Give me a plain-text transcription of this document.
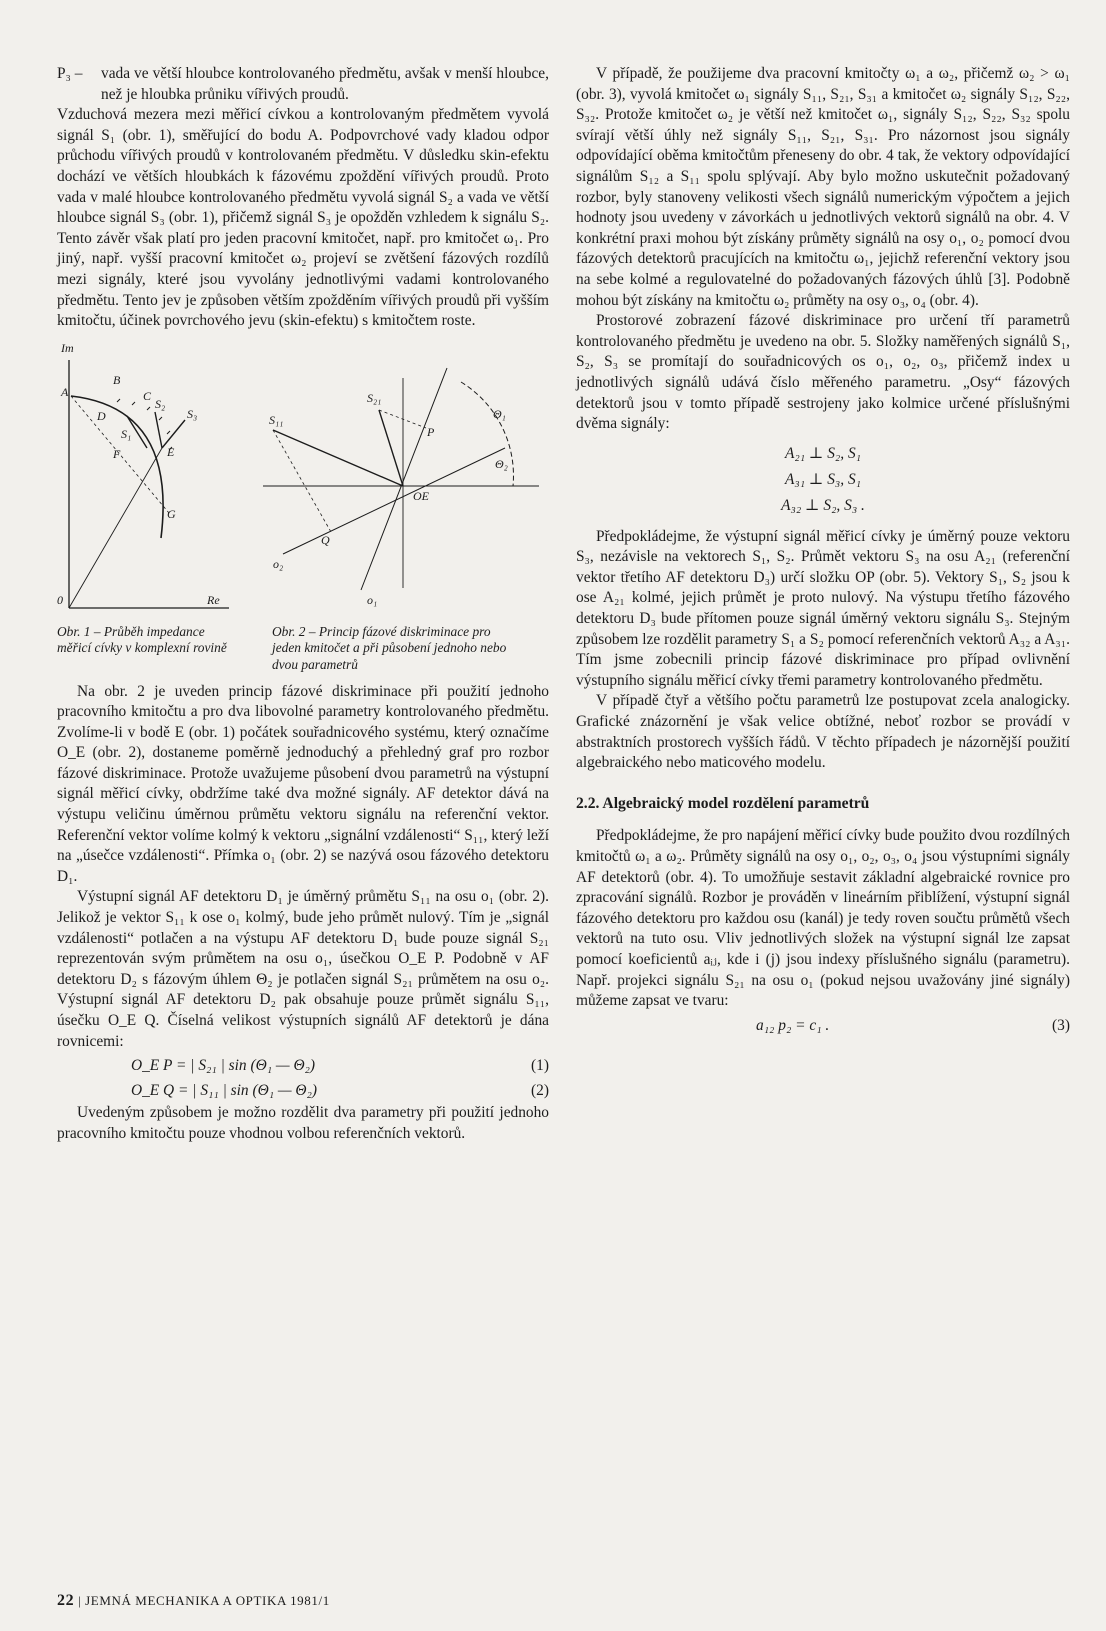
P₃ – vada ve větší hloubce kontrolovaného předmětu, avšak v menší hloubce, než je hloubka průniku vířivých proudů.

Vzduchová mezera mezi měřicí cívkou a kontrolovaným předmětem vyvolá signál S₁ (obr. 1), směřující do bodu A. Podpovrchové vady kladou odpor průchodu vířivých proudů v kontrolovaném předmětu. V důsledku skin-efektu dochází ve větších hloubkách k fázovému zpoždění vířivých proudů. Proto vada v malé hloubce kontrolovaného předmětu vyvolá signál S₂ a vada ve větší hloubce signál S₃ (obr. 1), přičemž signál S₃ je opožděn vzhledem k signálu S₂. Tento závěr však platí pro jeden pracovní kmitočet, např. pro kmitočet ω₁. Pro jiný, např. vyšší pracovní kmitočet ω₂ projeví se zvětšení fázových rozdílů mezi signály, které jsou vyvolány jednotlivými vadami kontrolovaného předmětu. Tento jev je způsoben větším zpožděním vířivých proudů při vyšším kmitočtu, účinek povrchového jevu (skin-efektu) s kmitočtem roste.

Im
Re
0
A
B
C
D
E
F
G
S₁
S₂
S₃	S₁₁
S₂₁
P
Q
OE
o₁
o₂
Θ₁
Θ₂
Obr. 1 – Průběh impedance měřicí cívky v komplexní rovině
Obr. 2 – Princip fázové diskriminace pro jeden kmitočet a při působení jednoho nebo dvou parametrů

Na obr. 2 je uveden princip fázové diskriminace při použití jednoho pracovního kmitočtu a pro dva libovolné parametry kontrolovaného předmětu. Zvolíme-li v bodě E (obr. 1) počátek souřadnicového systému, který označíme O_E (obr. 2), dostaneme poměrně jednoduchý a přehledný graf pro rozbor fázové diskriminace. Protože uvažujeme působení dvou parametrů na výstupní signál měřicí cívky, obdržíme také dva možné signály. AF detektor dává na výstupu veličinu úměrnou průmětu vektoru signálu na referenční vektor. Referenční vektor volíme kolmý k vektoru „signální vzdálenosti“ S₁₁, který leží na „úsečce vzdálenosti“. Přímka o₁ (obr. 2) se nazývá osou fázového detektoru D₁.

Výstupní signál AF detektoru D₁ je úměrný průmětu S₁₁ na osu o₁ (obr. 2). Jelikož je vektor S₁₁ k ose o₁ kolmý, bude jeho průmět nulový. Tím je „signál vzdálenosti“ potlačen a na výstupu AF detektoru D₁ bude pouze signál S₂₁ reprezentován svým průmětem na osu o₁, úsečkou O_E P. Podobně v AF detektoru D₂ s fázovým úhlem Θ₂ je potlačen signál S₂₁ průmětem na osu o₂. Výstupní signál AF detektoru D₂ pak obsahuje pouze průmět signálu S₁₁, úsečku O_E Q. Číselná velikost výstupních signálů AF detektorů je dána rovnicemi:

O_E P = | S₂₁ | sin (Θ₁ — Θ₂)	(1)
O_E Q = | S₁₁ | sin (Θ₁ — Θ₂)	(2)

Uvedeným způsobem je možno rozdělit dva parametry při použití jednoho pracovního kmitočtu pouze vhodnou volbou referenčních vektorů.

V případě, že použijeme dva pracovní kmitočty ω₁ a ω₂, přičemž ω₂ > ω₁ (obr. 3), vyvolá kmitočet ω₁ signály S₁₁, S₂₁, S₃₁ a kmitočet ω₂ signály S₁₂, S₂₂, S₃₂. Protože kmitočet ω₂ je větší než kmitočet ω₁, signály S₁₂, S₂₂, S₃₂ spolu svírají větší úhly než signály S₁₁, S₂₁, S₃₁. Pro názornost jsou signály odpovídající oběma kmitočtům přeneseny do obr. 4 tak, že vektory odpovídající signálům S₁₂ a S₁₁ spolu splývají. Aby bylo možno uskutečnit požadovaný rozbor, byly stanoveny velikosti všech signálů numerickým výpočtem a jejich hodnoty jsou uvedeny v závorkách u jednotlivých vektorů signálů na obr. 4. V konkrétní praxi mohou být získány průměty signálů na osy o₁, o₂ pomocí dvou fázových detektorů pracujících na kmitočtu ω₁, jejichž referenční vektory jsou na sebe kolmé a regulovatelné do požadovaných fázových úhlů [3]. Podobně mohou být získány na kmitočtu ω₂ průměty na osy o₃, o₄ (obr. 4).

Prostorové zobrazení fázové diskriminace pro určení tří parametrů kontrolovaného předmětu je uvedeno na obr. 5. Složky naměřených signálů S₁, S₂, S₃ se promítají do souřadnicových os o₁, o₂, o₃, přičemž index u jednotlivých signálů udává číslo měřeného parametru. „Osy“ fázových detektorů jsou v tomto případě sestrojeny jako kolmice určené příslušnými dvěma signály:

A₂₁ ⊥ S₂, S₁
A₃₁ ⊥ S₃, S₁
A₃₂ ⊥ S₂, S₃ .

Předpokládejme, že výstupní signál měřicí cívky je úměrný pouze vektoru S₃, nezávisle na vektorech S₁, S₂. Průmět vektoru S₃ na osu A₂₁ (referenční vektor třetího AF detektoru D₃) určí složku OP (obr. 5). Vektory S₁, S₂ jsou k ose A₂₁ kolmé, jejich průmět je proto nulový. Na výstupu třetího fázového detektoru D₃ bude přítomen pouze signál úměrný vektoru signálu S₃. Stejným způsobem lze rozdělit parametry S₁ a S₂ pomocí referenčních vektorů A₃₂ a A₃₁. Tím jsme zobecnili princip fázové diskriminace pro případ ovlivnění výstupního signálu měřicí cívky třemi parametry kontrolovaného předmětu.

V případě čtyř a většího počtu parametrů lze postupovat zcela analogicky. Grafické znázornění je však velice obtížné, neboť rozbor se provádí v abstraktních prostorech vyšších řádů. V těchto případech je názornější použití algebraického nebo maticového modelu.

2.2. Algebraický model rozdělení parametrů

Předpokládejme, že pro napájení měřicí cívky bude použito dvou rozdílných kmitočtů ω₁ a ω₂. Průměty signálů na osy o₁, o₂, o₃, o₄ jsou výstupními signály AF detektorů (obr. 4). To umožňuje sestavit základní algebraické rovnice pro zpracování signálů. Rozbor je prováděn v lineárním přiblížení, výstupní signál fázového detektoru pro každou osu (kanál) je tedy roven součtu průmětů všech vektorů na tuto osu. Vliv jednotlivých složek na výstupní signál lze zapsat pomocí koeficientů aᵢⱼ, kde i (j) jsou indexy příslušného signálu (parametru). Např. projekci signálu S₂₁ na osu o₁ (pokud nejsou uvažovány jiné signály) můžeme zapsat ve tvaru:

a₁₂ p₂ = c₁ .	(3)
22 | JEMNÁ MECHANIKA A OPTIKA 1981/1
